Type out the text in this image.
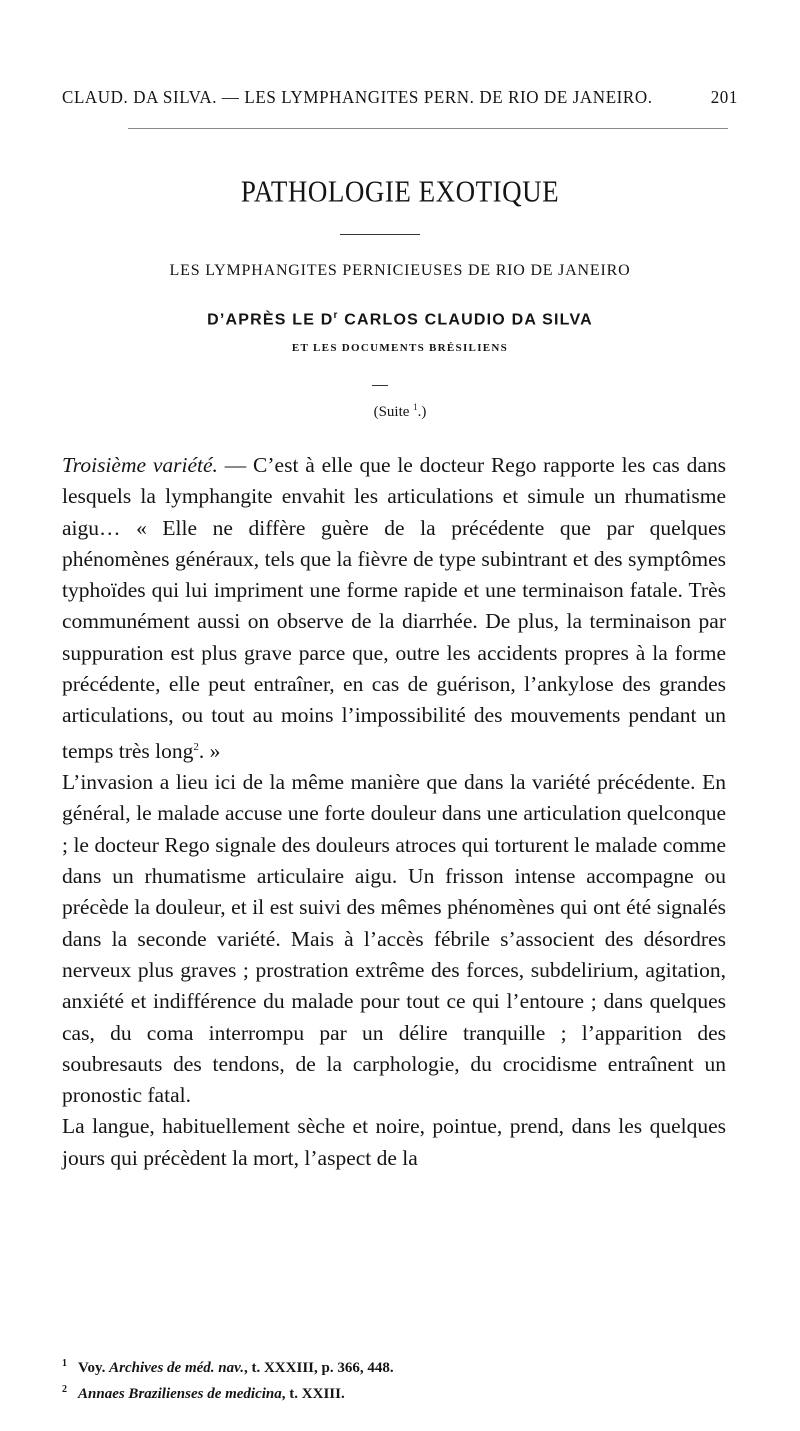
CLAUD. DA SILVA. — LES LYMPHANGITES PERN. DE RIO DE JANEIRO.	201
PATHOLOGIE EXOTIQUE
LES LYMPHANGITES PERNICIEUSES DE RIO DE JANEIRO
D’APRÈS LE $D^r$ CARLOS CLAUDIO DA SILVA
ET LES DOCUMENTS BRÉSILIENS
(Suite $^1$.)

Troisième variété. — C’est à elle que le docteur Rego rapporte les cas dans lesquels la lymphangite envahit les articulations et simule un rhumatisme aigu… « Elle ne diffère guère de la précédente que par quelques phénomènes généraux, tels que la fièvre de type subintrant et des symptômes typhoïdes qui lui impriment une forme rapide et une terminaison fatale. Très communément aussi on observe de la diarrhée. De plus, la terminaison par suppuration est plus grave parce que, outre les accidents propres à la forme précédente, elle peut entraîner, en cas de guérison, l’ankylose des grandes articulations, ou tout au moins l’impossibilité des mouvements pendant un temps très long$^2$. »

L’invasion a lieu ici de la même manière que dans la variété précédente. En général, le malade accuse une forte douleur dans une articulation quelconque ; le docteur Rego signale des douleurs atroces qui torturent le malade comme dans un rhumatisme articulaire aigu. Un frisson intense accompagne ou précède la douleur, et il est suivi des mêmes phénomènes qui ont été signalés dans la seconde variété. Mais à l’accès fébrile s’associent des désordres nerveux plus graves ; prostration extrême des forces, subdelirium, agitation, anxiété et indifférence du malade pour tout ce qui l’entoure ; dans quelques cas, du coma interrompu par un délire tranquille ; l’apparition des soubresauts des tendons, de la carphologie, du crocidisme entraînent un pronostic fatal.

La langue, habituellement sèche et noire, pointue, prend, dans les quelques jours qui précèdent la mort, l’aspect de la

1 Voy. Archives de méd. nav., t. XXXIII, p. 366, 448.
2 Annaes Brazilienses de medicina, t. XXIII.
